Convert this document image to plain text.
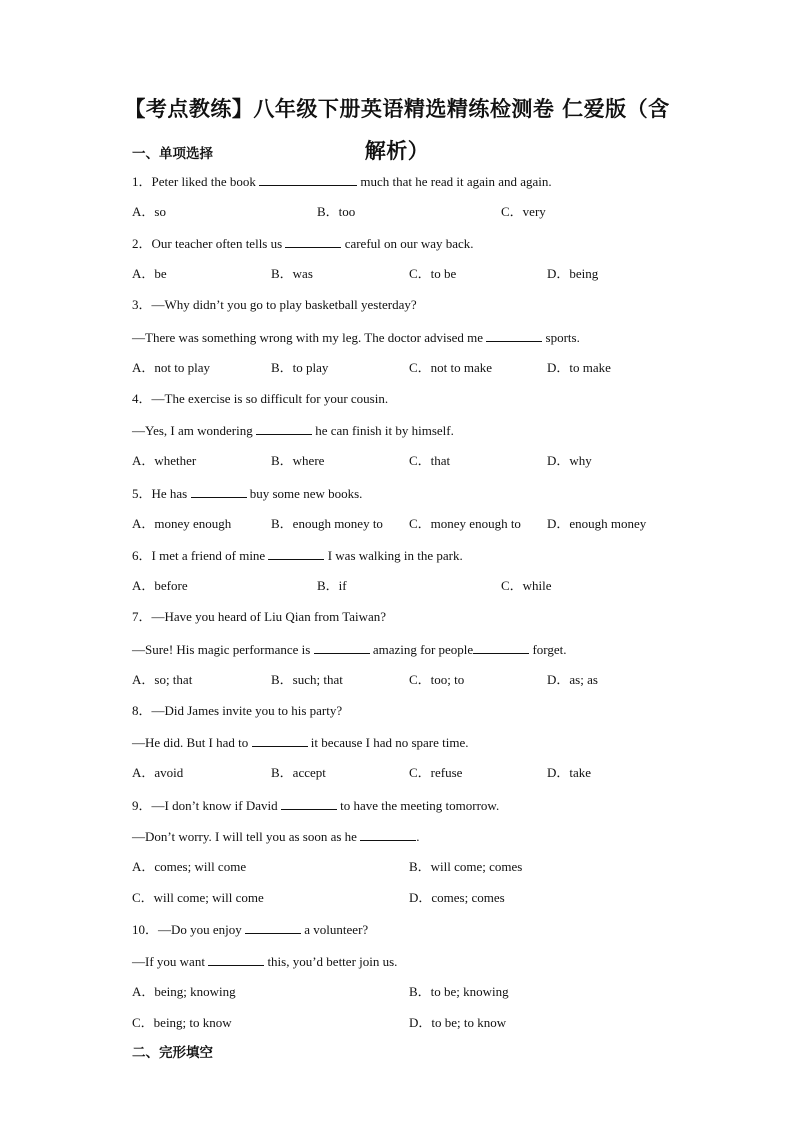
【考点教练】八年级下册英语精选精练检测卷 仁爱版（含
解析）
一、单项选择
1．Peter liked the book	much that he read it again and again.
A．so	B．too	C．very
2．Our teacher often tells us	careful on our way back.
A．be	B．was	C．to be	D．being
3．—Why didn’t you go to play basketball yesterday?
—There was something wrong with my leg. The doctor advised me	sports.
A．not to play	B．to play	C．not to make	D．to make
4．—The exercise is so difficult for your cousin.
—Yes, I am wondering	he can finish it by himself.
A．whether	B．where	C．that	D．why
5．He has	buy some new books.
A．money enough	B．enough money to C．money enough to D．enough money
6．I met a friend of mine	I was walking in the park.
A．before	B．if	C．while
7．—Have you heard of Liu Qian from Taiwan?
—Sure! His magic performance is	amazing for people	forget.
A．so; that	B．such; that	C．too; to	D．as; as
8．—Did James invite you to his party?
—He did. But I had to	it because I had no spare time.
A．avoid	B．accept	C．refuse	D．take
9．—I don’t know if David	to have the meeting tomorrow.
—Don’t worry. I will tell you as soon as he	.
A．comes; will come	B．will come; comes
C．will come; will come	D．comes; comes
10．—Do you enjoy	a volunteer?
—If you want	this, you’d better join us.
A．being; knowing	B．to be; knowing
C．being; to know	D．to be; to know
二、完形填空
